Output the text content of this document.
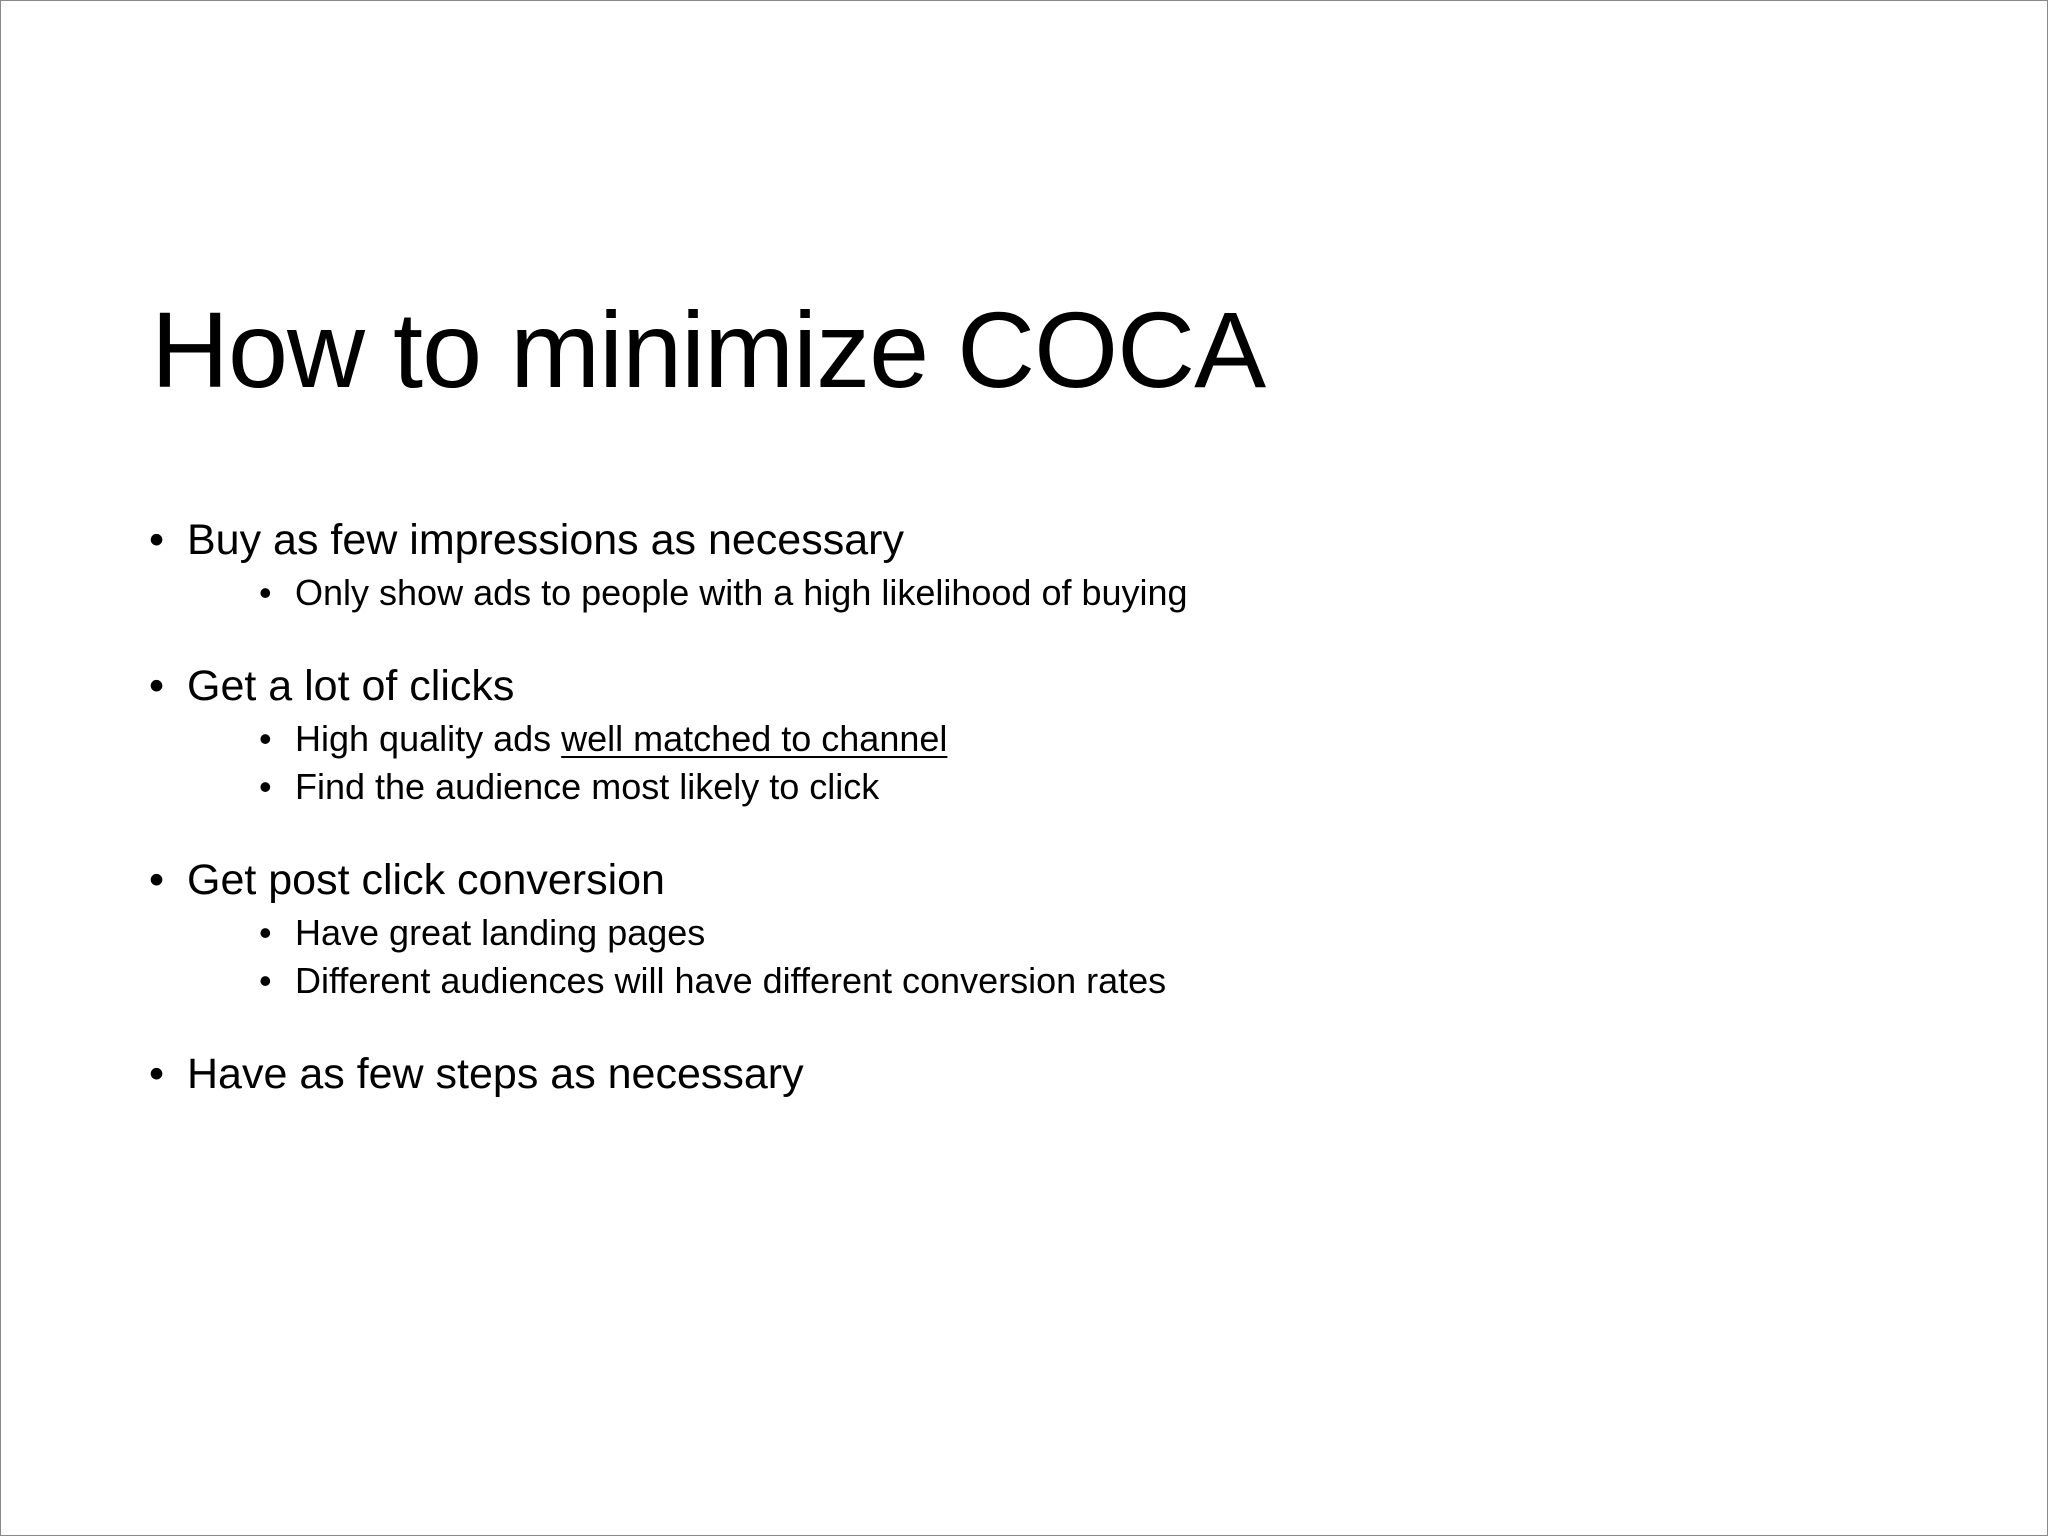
How to minimize COCA
• Buy as few impressions as necessary
• Only show ads to people with a high likelihood of buying
• Get a lot of clicks
• High quality ads well matched to channel
• Find the audience most likely to click
• Get post click conversion
• Have great landing pages
• Different audiences will have different conversion rates
• Have as few steps as necessary
